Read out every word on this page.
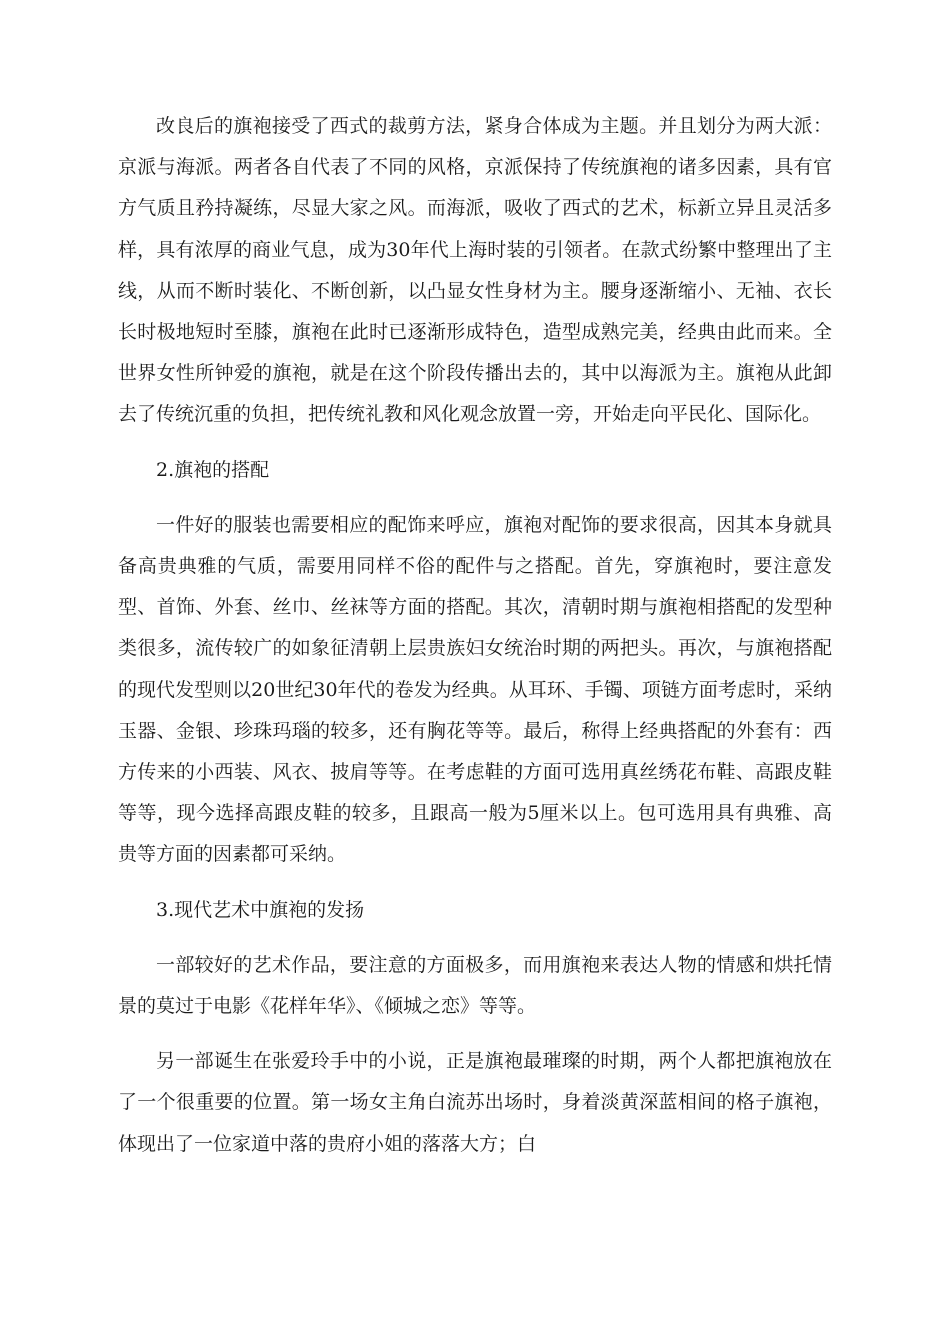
改良后的旗袍接受了西式的裁剪方法，紧身合体成为主题。并且划分为两大派：京派与海派。两者各自代表了不同的风格，京派保持了传统旗袍的诸多因素，具有官方气质且矜持凝练，尽显大家之风。而海派，吸收了西式的艺术，标新立异且灵活多样，具有浓厚的商业气息，成为30年代上海时装的引领者。在款式纷繁中整理出了主线，从而不断时装化、不断创新，以凸显女性身材为主。腰身逐渐缩小、无袖、衣长长时极地短时至膝，旗袍在此时已逐渐形成特色，造型成熟完美，经典由此而来。全世界女性所钟爱的旗袍，就是在这个阶段传播出去的，其中以海派为主。旗袍从此卸去了传统沉重的负担，把传统礼教和风化观念放置一旁，开始走向平民化、国际化。

2.旗袍的搭配

一件好的服装也需要相应的配饰来呼应，旗袍对配饰的要求很高，因其本身就具备高贵典雅的气质，需要用同样不俗的配件与之搭配。首先，穿旗袍时，要注意发型、首饰、外套、丝巾、丝袜等方面的搭配。其次，清朝时期与旗袍相搭配的发型种类很多，流传较广的如象征清朝上层贵族妇女统治时期的两把头。再次，与旗袍搭配的现代发型则以20世纪30年代的卷发为经典。从耳环、手镯、项链方面考虑时，采纳玉器、金银、珍珠玛瑙的较多，还有胸花等等。最后，称得上经典搭配的外套有：西方传来的小西装、风衣、披肩等等。在考虑鞋的方面可选用真丝绣花布鞋、高跟皮鞋等等，现今选择高跟皮鞋的较多，且跟高一般为5厘米以上。包可选用具有典雅、高贵等方面的因素都可采纳。

3.现代艺术中旗袍的发扬

一部较好的艺术作品，要注意的方面极多，而用旗袍来表达人物的情感和烘托情景的莫过于电影《花样年华》、《倾城之恋》等等。

另一部诞生在张爱玲手中的小说，正是旗袍最璀璨的时期，两个人都把旗袍放在了一个很重要的位置。第一场女主角白流苏出场时，身着淡黄深蓝相间的格子旗袍，体现出了一位家道中落的贵府小姐的落落大方；白
